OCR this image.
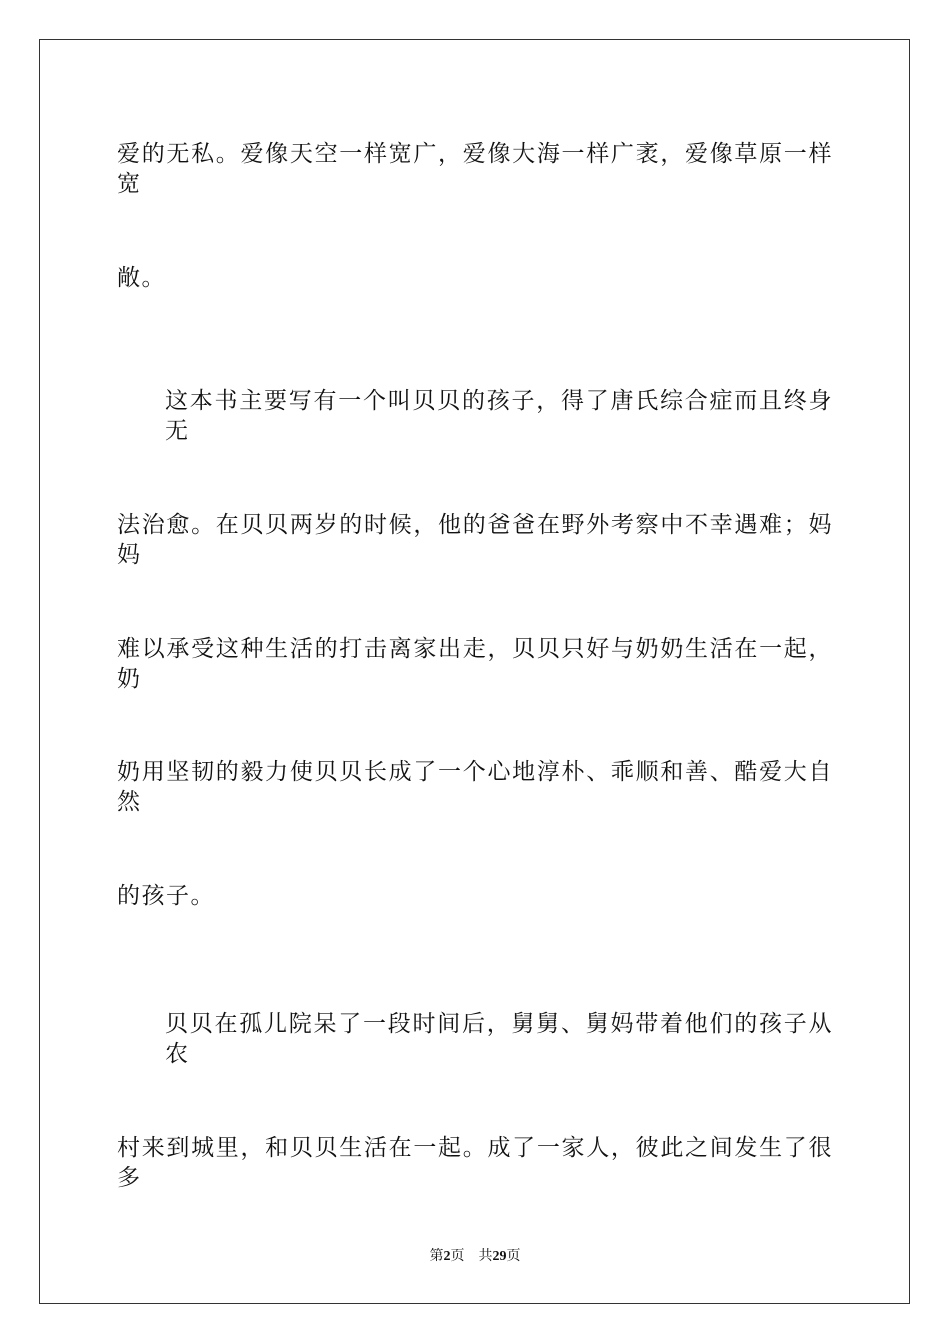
爱的无私。爱像天空一样宽广，爱像大海一样广袤，爱像草原一样宽
敞。
这本书主要写有一个叫贝贝的孩子，得了唐氏综合症而且终身无
法治愈。在贝贝两岁的时候，他的爸爸在野外考察中不幸遇难；妈妈
难以承受这种生活的打击离家出走，贝贝只好与奶奶生活在一起，奶
奶用坚韧的毅力使贝贝长成了一个心地淳朴、乖顺和善、酷爱大自然
的孩子。
贝贝在孤儿院呆了一段时间后，舅舅、舅妈带着他们的孩子从农
村来到城里，和贝贝生活在一起。成了一家人，彼此之间发生了很多
第2页 共29页
